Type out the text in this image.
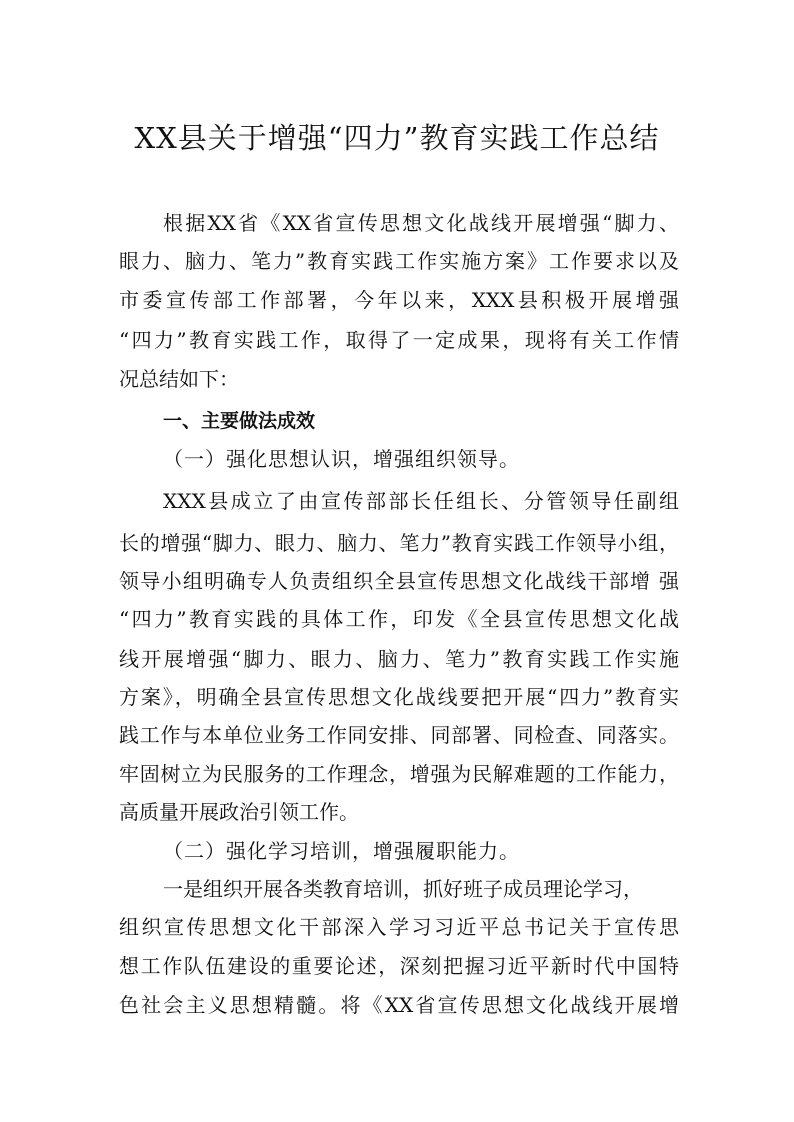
XX县关于增强“四力”教育实践工作总结

根据XX省《XX省宣传思想文化战线开展增强“脚力、

眼力、脑力、笔力”教育实践工作实施方案》工作要求以及

市委宣传部工作部署，今年以来，XXX县积极开展增强

“四力”教育实践工作，取得了一定成果，现将有关工作情

况总结如下：

一、主要做法成效

（一）强化思想认识，增强组织领导。

XXX县成立了由宣传部部长任组长、分管领导任副组

长的增强“脚力、眼力、脑力、笔力”教育实践工作领导小组，

领导小组明确专人负责组织全县宣传思想文化战线干部增 强

“四力”教育实践的具体工作，印发《全县宣传思想文化战

线开展增强“脚力、眼力、脑力、笔力”教育实践工作实施

方案》，明确全县宣传思想文化战线要把开展“四力”教育实

践工作与本单位业务工作同安排、同部署、同检查、同落实。

牢固树立为民服务的工作理念，增强为民解难题的工作能力，

高质量开展政治引领工作。

（二）强化学习培训，增强履职能力。

一是组织开展各类教育培训，抓好班子成员理论学习，

组织宣传思想文化干部深入学习习近平总书记关于宣传思

想工作队伍建设的重要论述，深刻把握习近平新时代中国特

色社会主义思想精髓。将《XX省宣传思想文化战线开展增
